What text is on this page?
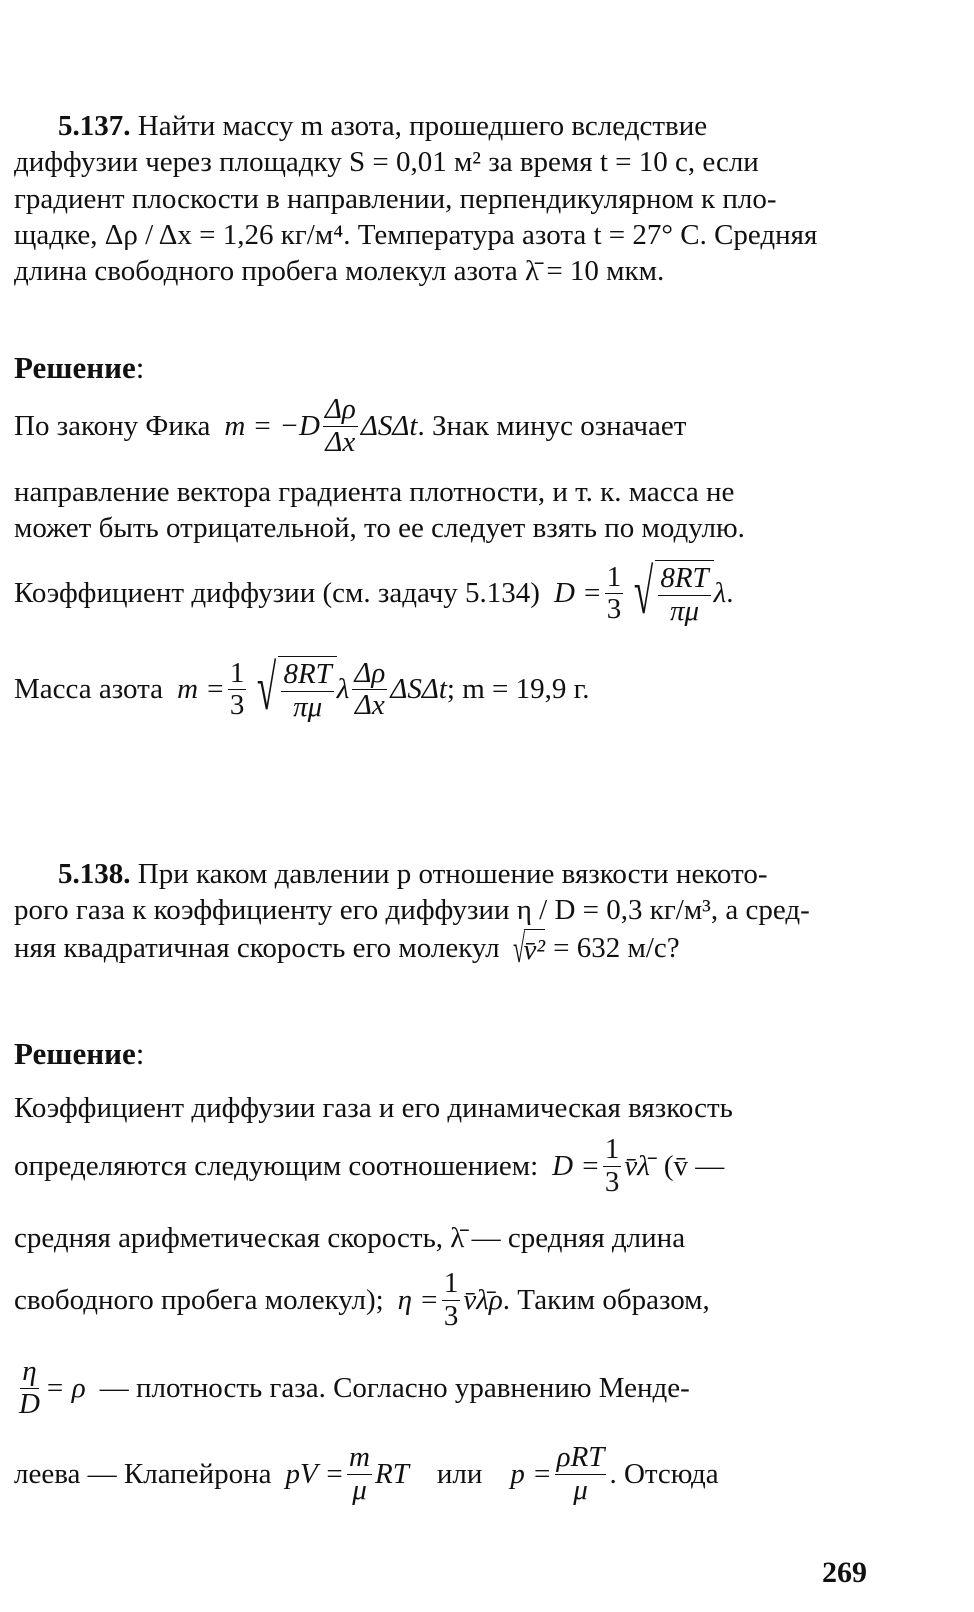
5.137. Найти массу m азота, прошедшего вследствие
диффузии через площадку S = 0,01 м² за время t = 10 с, если
градиент плоскости в направлении, перпендикулярном к пло-
щадке, Δρ / Δx = 1,26 кг/м⁴. Температура азота t = 27° С. Средняя
длина свободного пробега молекул азота λ̄ = 10 мкм.
Решение:
По закону Фика $m = -D \frac{\Delta\rho}{\Delta x}$ ΔSΔt . Знак минус означает
направление вектора градиента плотности, и т. к. масса не
может быть отрицательной, то ее следует взять по модулю.
Коэффициент диффузии (см. задачу 5.134) $D = \frac{1}{3}$ √ $\frac{8RT}{\pi\mu}$ λ .
Масса азота $m = \frac{1}{3}$ √ $\frac{8RT}{\pi\mu}$ λ $\frac{\Delta\rho}{\Delta x}$ ΔSΔt ; m = 19,9 г.
5.138. При каком давлении p отношение вязкости некото-
рого газа к коэффициенту его диффузии η / D = 0,3 кг/м³, а сред-
няя квадратичная скорость его молекул √
v̄² = 632 м/с?
Решение:
Коэффициент диффузии газа и его динамическая вязкость
определяются следующим соотношением: $D = \frac{1}{3}$ v̄λ̄ (v̄ —
средняя арифметическая скорость, λ̄ — средняя длина
свободного пробега молекул); $\eta = \frac{1}{3}$ v̄λ̄ρ . Таким образом,
$\frac{\eta}{D} = \rho$ — плотность газа. Согласно уравнению Менде-
леева — Клапейрона pV = $\frac{m}{\mu}$ RT или $p = \frac{\text{ρRT}}{\mu}$ . Отсюда
269
